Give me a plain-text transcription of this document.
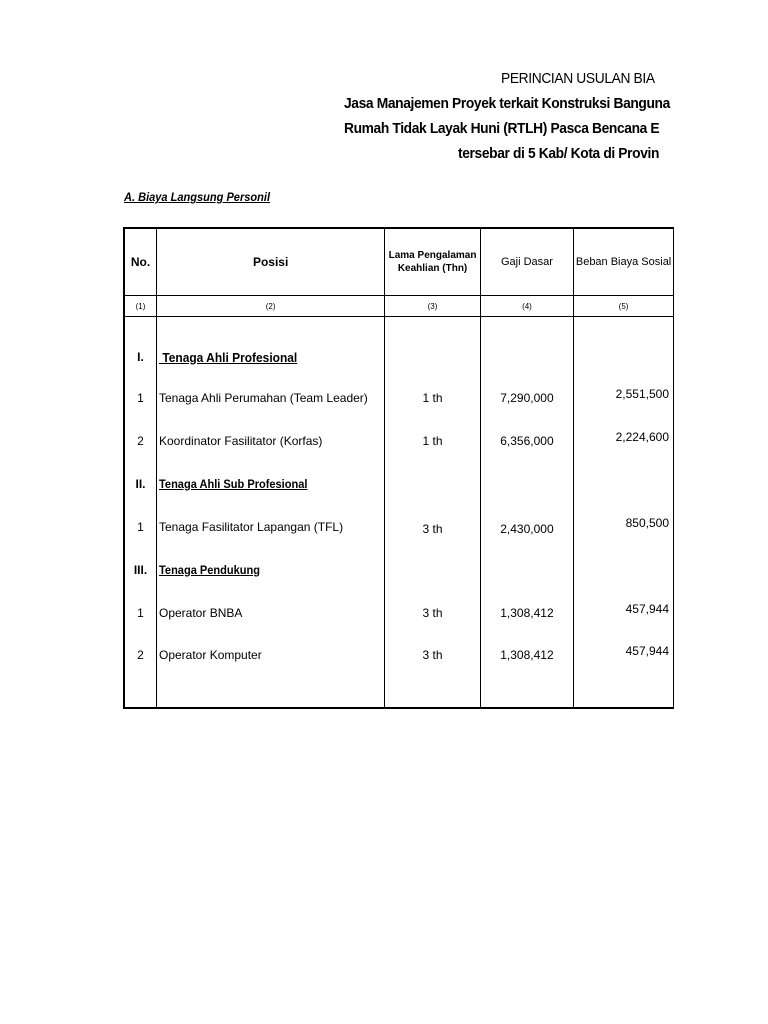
PERINCIAN USULAN BIA
Jasa Manajemen Proyek terkait Konstruksi Banguna
Rumah Tidak Layak Huni (RTLH) Pasca Bencana E
tersebar di 5 Kab/ Kota di Provin
A. Biaya Langsung Personil
No.	Posisi	Lama Pengalaman Keahlian (Thn)	Gaji Dasar	Beban Biaya Sosial
(1)	(2)	(3)	(4)	(5)

I.	Tenaga Ahli Profesional			
1	Tenaga Ahli Perumahan (Team Leader)	1 th	7,290,000	2,551,500
2	Koordinator Fasilitator (Korfas)	1 th	6,356,000	2,224,600
II.	Tenaga Ahli Sub Profesional			
1	Tenaga Fasilitator Lapangan (TFL)	3 th	2,430,000	850,500
III.	Tenaga Pendukung			
1	Operator BNBA	3 th	1,308,412	457,944
2	Operator Komputer	3 th	1,308,412	457,944
